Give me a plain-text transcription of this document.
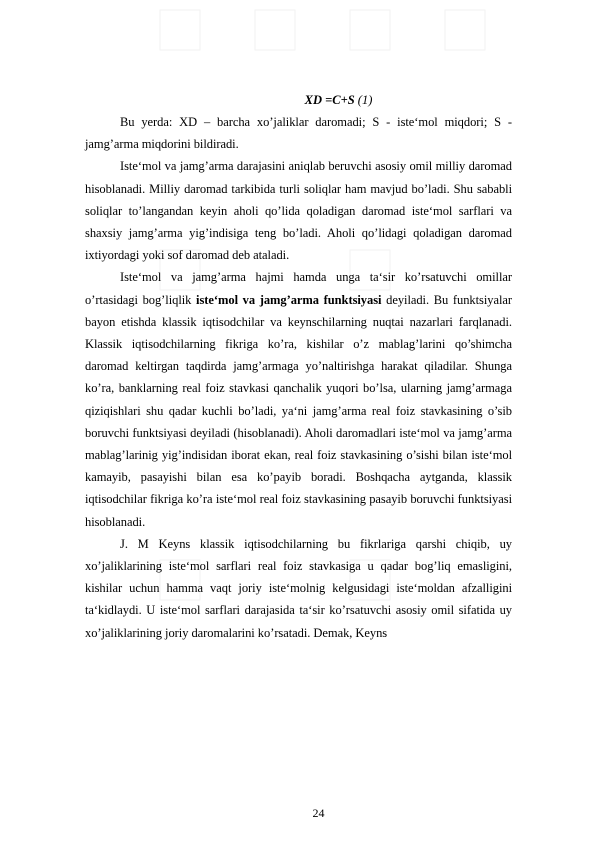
XD =C+S (1)

Bu yerda: XD – barcha xo’jaliklar daromadi; S - iste‘mol miqdori; S - jamg’arma miqdorini bildiradi.

Iste‘mol va jamg’arma darajasini aniqlab beruvchi asosiy omil milliy daromad hisoblanadi. Milliy daromad tarkibida turli soliqlar ham mavjud bo’ladi. Shu sababli soliqlar to’langandan keyin aholi qo’lida qoladigan daromad iste‘mol sarflari va shaxsiy jamg’arma yig’indisiga teng bo’ladi. Aholi qo’lidagi qoladigan daromad ixtiyordagi yoki sof daromad deb ataladi.

Iste‘mol va jamg’arma hajmi hamda unga ta‘sir ko’rsatuvchi omillar o’rtasidagi bog’liqlik iste‘mol va jamg’arma funktsiyasi deyiladi. Bu funktsiyalar bayon etishda klassik iqtisodchilar va keynschilarning nuqtai nazarlari farqlanadi. Klassik iqtisodchilarning fikriga ko’ra, kishilar o’z mablag’larini qo’shimcha daromad keltirgan taqdirda jamg’armaga yo’naltirishga harakat qiladilar. Shunga ko’ra, banklarning real foiz stavkasi qanchalik yuqori bo’lsa, ularning jamg’armaga qiziqishlari shu qadar kuchli bo’ladi, ya‘ni jamg’arma real foiz stavkasining o’sib boruvchi funktsiyasi deyiladi (hisoblanadi). Aholi daromadlari iste‘mol va jamg’arma mablag’larinig yig’indisidan iborat ekan, real foiz stavkasining o’sishi bilan iste‘mol kamayib, pasayishi bilan esa ko’payib boradi. Boshqacha aytganda, klassik iqtisodchilar fikriga ko’ra iste‘mol real foiz stavkasining pasayib boruvchi funktsiyasi hisoblanadi.

J. M Keyns klassik iqtisodchilarning bu fikrlariga qarshi chiqib, uy xo’jaliklarining iste‘mol sarflari real foiz stavkasiga u qadar bog’liq emasligini, kishilar uchun hamma vaqt joriy iste‘molnig kelgusidagi iste‘moldan afzalligini ta‘kidlaydi. U iste‘mol sarflari darajasida ta‘sir ko’rsatuvchi asosiy omil sifatida uy xo’jaliklarining joriy daromalarini ko’rsatadi. Demak, Keyns

24
